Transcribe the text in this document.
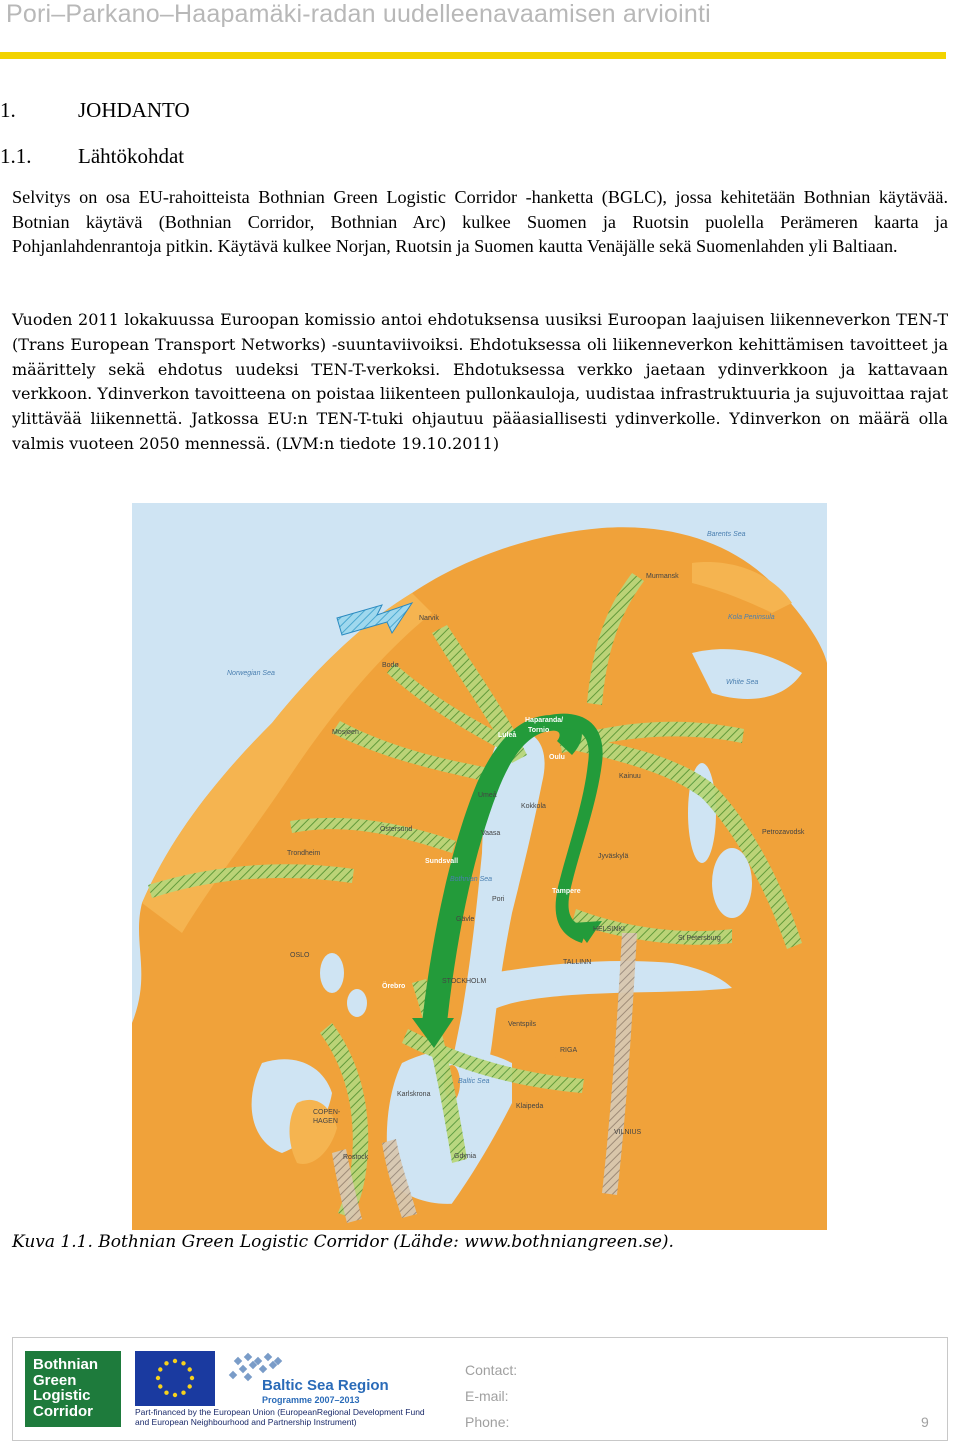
Pori–Parkano–Haapamäki-radan uudelleenavaamisen arviointi
1.	JOHDANTO
1.1. Lähtökohdat
Selvitys on osa EU-rahoitteista Bothnian Green Logistic Corridor -hanketta (BGLC), jossa kehitetään Bothnian käytävää. Botnian käytävä (Bothnian Corridor, Bothnian Arc) kulkee Suomen ja Ruotsin puolella Perämeren kaarta ja Pohjanlahdenrantoja pitkin. Käytävä kulkee Norjan, Ruotsin ja Suomen kautta Venäjälle sekä Suomenlahden yli Baltiaan.
Vuoden 2011 lokakuussa Euroopan komissio antoi ehdotuksensa uusiksi Euroopan laajuisen liikenneverkon TEN-T (Trans European Transport Networks) -suuntaviivoiksi. Ehdotuksessa oli liikenneverkon kehittämisen tavoitteet ja määrittely sekä ehdotus uudeksi TEN-T-verkoksi. Ehdotuksessa verkko jaetaan ydinverkkoon ja kattavaan verkkoon. Ydinverkon tavoitteena on poistaa liikenteen pullonkauloja, uudistaa infrastruktuuria ja sujuvoittaa rajat ylittävää liikennettä. Jatkossa EU:n TEN-T-tuki ohjautuu pääasiallisesti ydinverkolle. Ydinverkon on määrä olla valmis vuoteen 2050 mennessä. (LVM:n tiedote 19.10.2011)
Barents Sea
Kola Peninsula
Norwegian Sea
White Sea
Bothnian Sea
Baltic Sea
Murmansk
Narvik
Bodø
Mosjøen
Haparanda/
Tornio
Luleå
Oulu
Kainuu
Umeå
Kokkola
Östersund
Trondheim
Vaasa	Petrozavodsk
Jyväskylä
Sundsvall
Pori
Tampere
Gävle
HELSINKI
St Petersburg
OSLO
STOCKHOLM
TALLINN
Örebro
Ventspils
RIGA
Karlskrona
Klaipeda
COPEN-
HAGEN
Rostock	Gdynia
VILNIUS
Kuva 1.1. Bothnian Green Logistic Corridor (Lähde: www.bothniangreen.se).
Bothnian
Green
Logistic
Corridor	Part-financed by the European Union (EuropeanRegional Development Fund and European Neighbourhood and Partnership Instrument)
Baltic Sea Region
Programme 2007–2013
Contact:
E-mail:
Phone:	9
